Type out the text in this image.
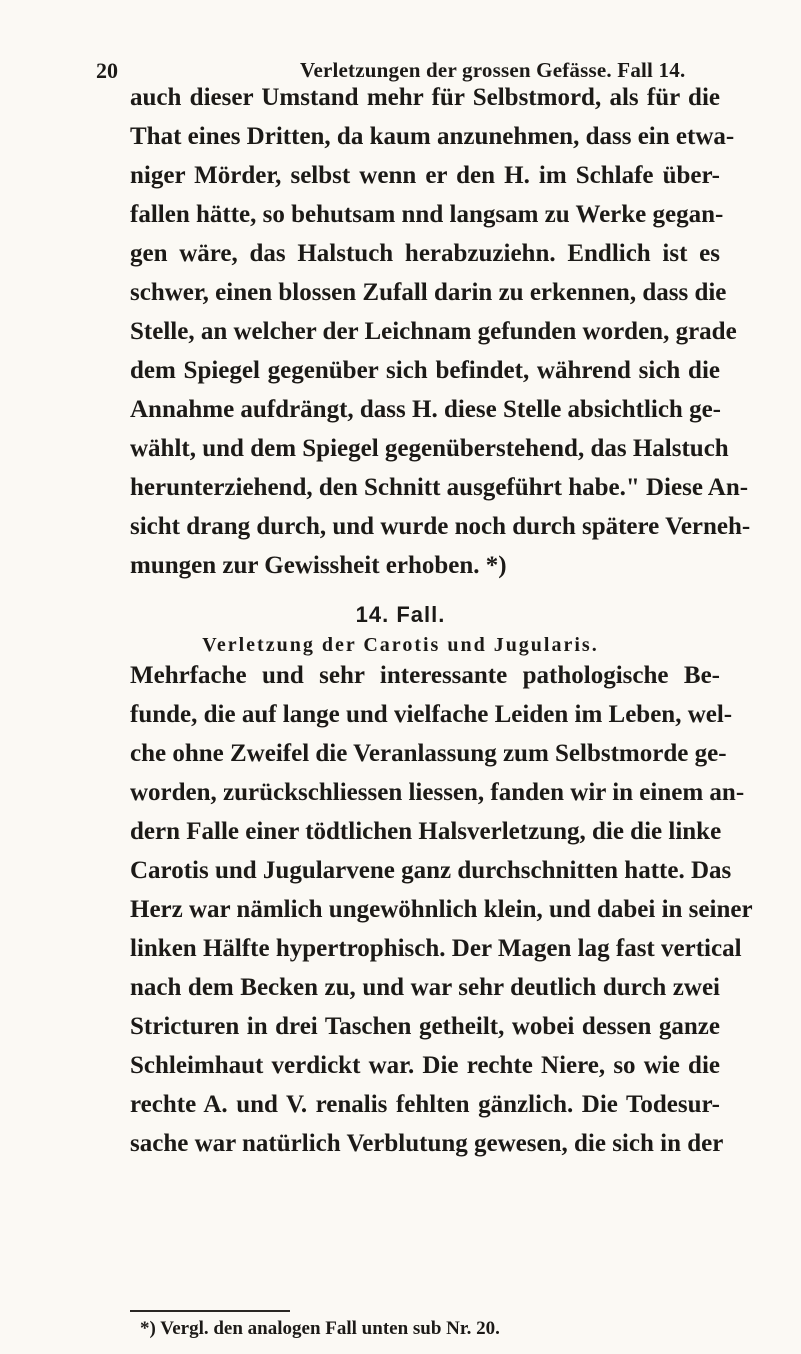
20	Verletzungen der grossen Gefässe. Fall 14.
auch dieser Umstand mehr für Selbstmord, als für die
That eines Dritten, da kaum anzunehmen, dass ein etwa-
niger Mörder, selbst wenn er den H. im Schlafe über-
fallen hätte, so behutsam nnd langsam zu Werke gegan-
gen wäre, das Halstuch herabzuziehn. Endlich ist es
schwer, einen blossen Zufall darin zu erkennen, dass die
Stelle, an welcher der Leichnam gefunden worden, grade
dem Spiegel gegenüber sich befindet, während sich die
Annahme aufdrängt, dass H. diese Stelle absichtlich ge-
wählt, und dem Spiegel gegenüberstehend, das Halstuch
herunterziehend, den Schnitt ausgeführt habe." Diese An-
sicht drang durch, und wurde noch durch spätere Verneh-
mungen zur Gewissheit erhoben. *)
14. Fall.
Verletzung der Carotis und Jugularis.
Mehrfache und sehr interessante pathologische Be-
funde, die auf lange und vielfache Leiden im Leben, wel-
che ohne Zweifel die Veranlassung zum Selbstmorde ge-
worden, zurückschliessen liessen, fanden wir in einem an-
dern Falle einer tödtlichen Halsverletzung, die die linke
Carotis und Jugularvene ganz durchschnitten hatte. Das
Herz war nämlich ungewöhnlich klein, und dabei in seiner
linken Hälfte hypertrophisch. Der Magen lag fast vertical
nach dem Becken zu, und war sehr deutlich durch zwei
Stricturen in drei Taschen getheilt, wobei dessen ganze
Schleimhaut verdickt war. Die rechte Niere, so wie die
rechte A. und V. renalis fehlten gänzlich. Die Todesur-
sache war natürlich Verblutung gewesen, die sich in der
*) Vergl. den analogen Fall unten sub Nr. 20.
